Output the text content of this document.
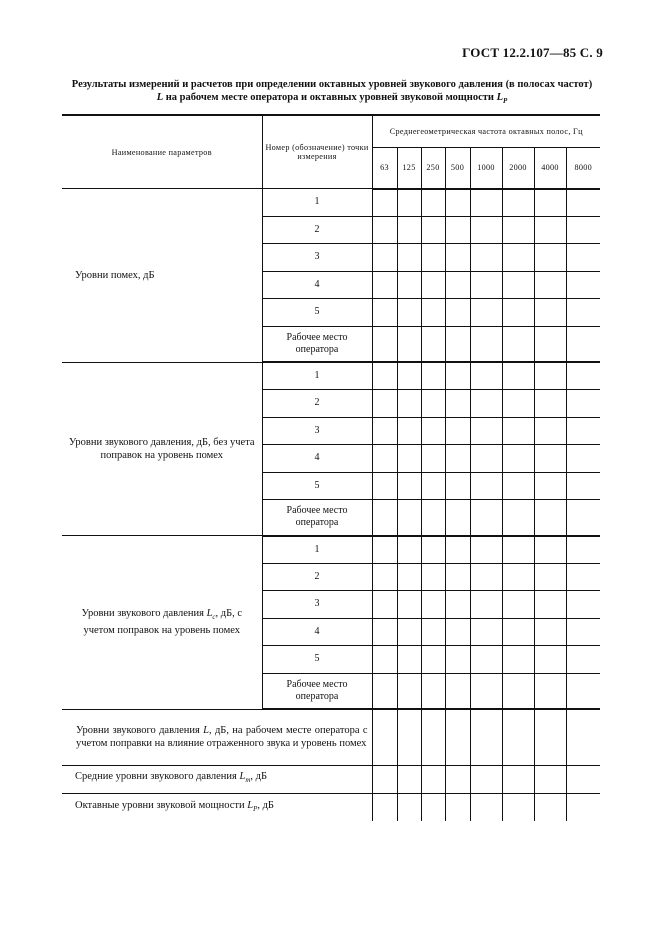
ГОСТ 12.2.107—85 С. 9
Результаты измерений и расчетов при определении октавных уровней звукового давления (в полосах частот)
L на рабочем месте оператора и октавных уровней звуковой мощности $L_P$
Наименование параметров	Номер (обозначение) точки измерения	Среднегеометрическая частота октавных полос, Гц							
		63	125	250	500	1000	2000	4000	8000
Уровни помех, дБ	1								
	2								
	3								
	4								
	5								
	Рабочее место оператора								
Уровни звукового давления, дБ, без учета поправок на уровень помех	1								
	2								
	3								
	4								
	5								
	Рабочее место оператора								
Уровни звукового давления $L_c$, дБ, с учетом поправок на уровень помех	1								
	2								
	3								
	4								
	5								
	Рабочее место оператора								
Уровни звукового давления L, дБ, на рабочем месте оператора с учетом поправки на влияние отраженного звука и уровень помех									
Средние уровни звукового давления $L_m$, дБ									
Октавные уровни звуковой мощности $L_P$, дБ									
